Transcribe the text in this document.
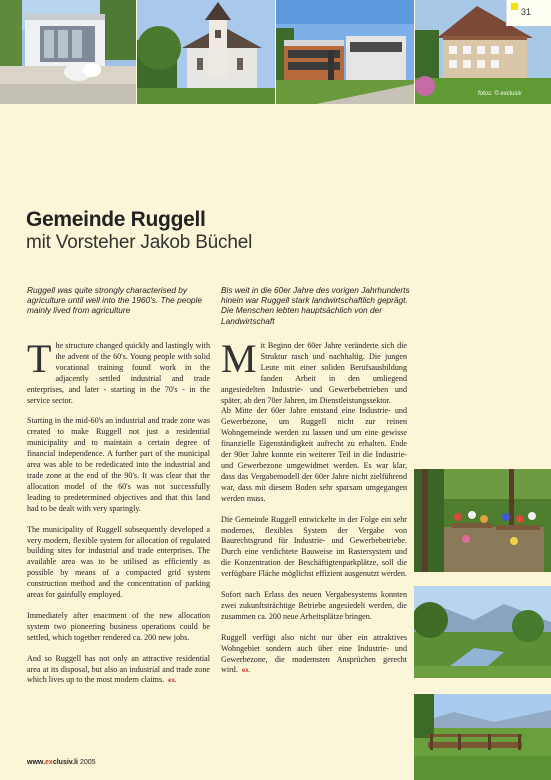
31
fotos: © exclusiv
Gemeinde Ruggell
mit Vorsteher Jakob Büchel
Ruggell was quite strongly characterised by agriculture until well into the 1960's. The people mainly lived from agriculture
Bis weit in die 60er Jahre des vorigen Jahrhunderts hinein war Ruggell stark landwirtschaftlich geprägt. Die Menschen lebten hauptsächlich von der Landwirtschaft

The structure changed quickly and lastingly with the advent of the 60's. Young people with solid vocational training found work in the adjacently settled industrial and trade enterprises, and later - starting in the 70's - in the service sector.

Starting in the mid-60's an industrial and trade zone was created to make Ruggell not just a residential municipality and to maintain a certain degree of financial independence. A further part of the municipal area was able to be rededicated into the industrial and trade zone at the end of the 90's. It was clear that the allocation model of the 60's was not successfully leading to predetermined objectives and that this land had to be dealt with very sparingly.

The municipality of Ruggell subsequently developed a very modern, flexible system for allocation of regulated building sites for industrial and trade enterprises. The available area was to be utilised as efficiently as possible by means of a compacted grid system construction method and the concentration of parking areas for gainfully employed.

Immediately after enactment of the new allocation system two pioneering business operations could be settled, which together rendered ca. 200 new jobs.

And so Ruggell has not only an attractive residential area at its disposal, but also an industrial and trade zone which lives up to the most modern claims. ex.

Mit Beginn der 60er Jahre veränderte sich die Struktur rasch und nachhaltig. Die jungen Leute mit einer soliden Berufsausbildung fanden Arbeit in den umliegend angesiedelten Industrie- und Gewerbebetrieben und später, ab den 70er Jahren, im Dienstleistungssektor.

Ab Mitte der 60er Jahre entstand eine Industrie- und Gewerbezone, um Ruggell nicht zur reinen Wohngemeinde werden zu lassen und um eine gewisse finanzielle Eigenständigkeit aufrecht zu erhalten. Ende der 90er Jahre konnte ein weiterer Teil in die Industrie- und Gewerbezone umgewidmet werden. Es war klar, dass das Vergabemodell der 60er Jahre nicht zielführend war, dass mit diesem Boden sehr sparsam umgegangen werden muss.

Die Gemeinde Ruggell entwickelte in der Folge ein sehr modernes, flexibles System der Vergabe von Baurechtsgrund für Industrie- und Gewerbebetriebe. Durch eine verdichtete Bauweise im Rastersystem und die Konzentration der Beschäftigtenparkplätze, soll die verfügbare Fläche möglichst effizient ausgenutzt werden.

Sofort nach Erlass des neuen Vergabesystems konnten zwei zukunftsträchtige Betriebe angesiedelt werden, die zusammen ca. 200 neue Arbeitsplätze bringen.

Ruggell verfügt also nicht nur über ein attraktives Wohngebiet sondern auch über eine Industrie- und Gewerbezone, die modernsten Ansprüchen gerecht wird. ex.

www.exclusiv.li 2005
